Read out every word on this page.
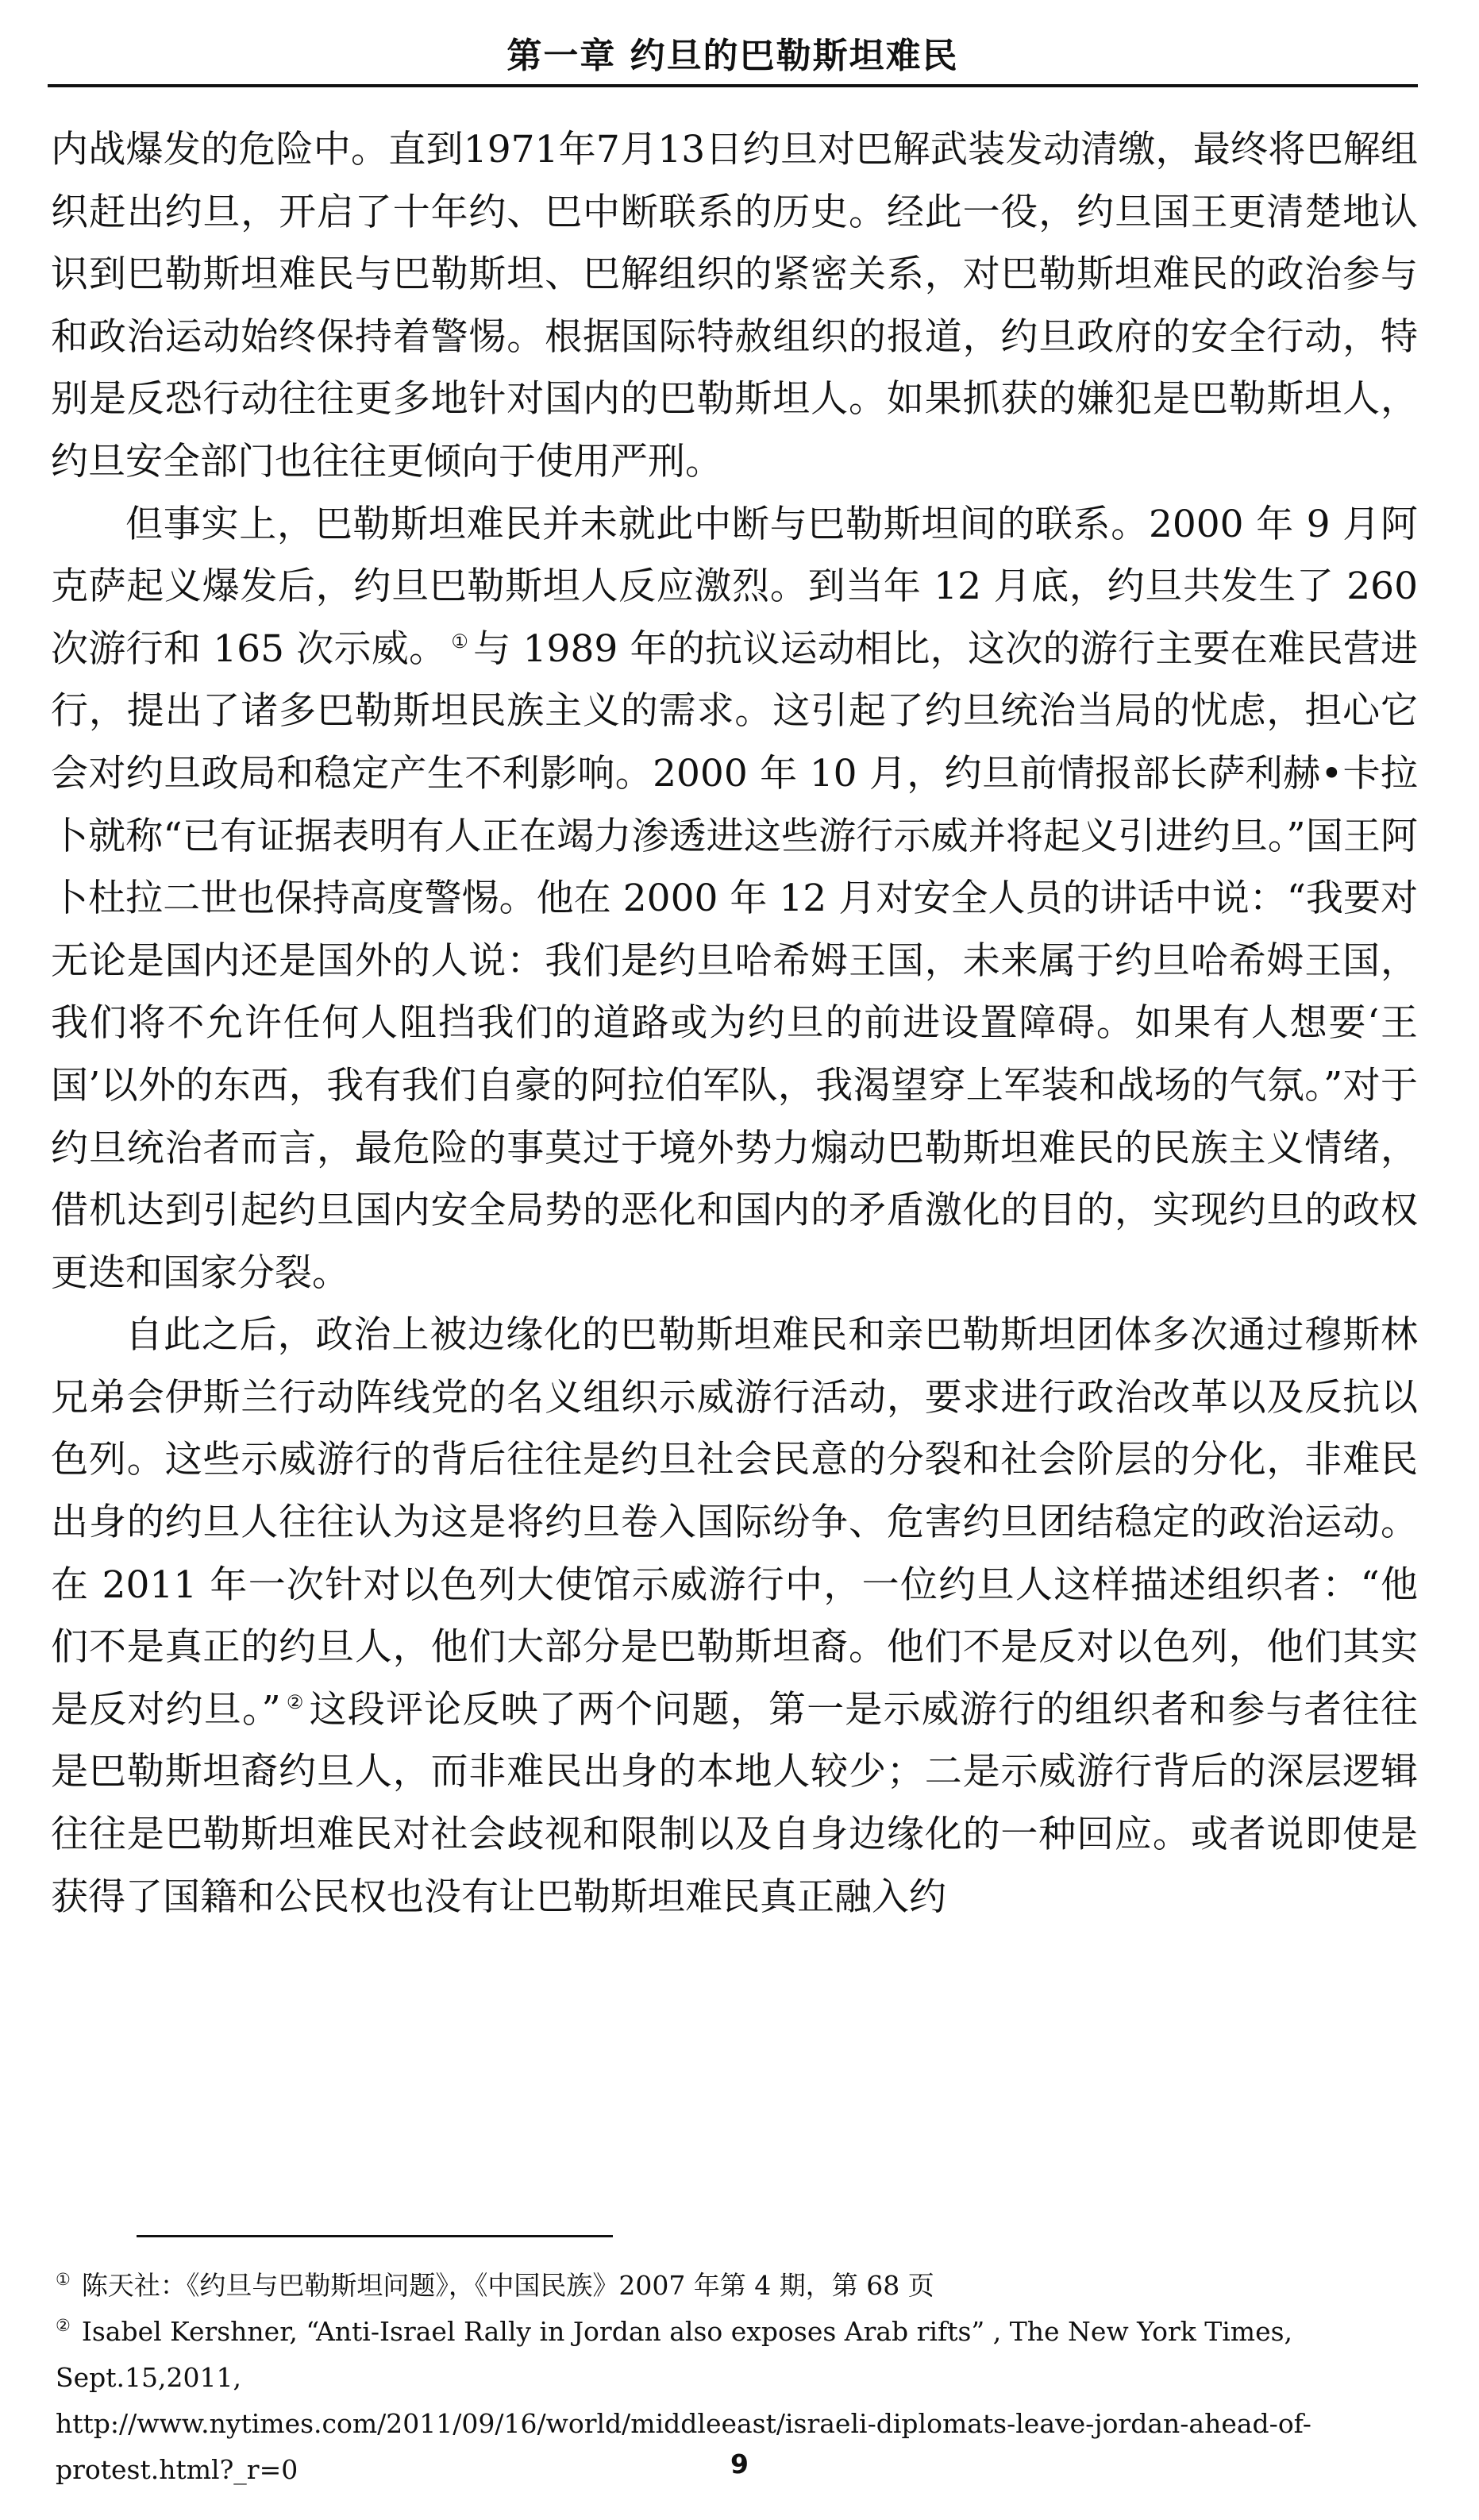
第一章 约旦的巴勒斯坦难民

内战爆发的危险中。直到1971年7月13日约旦对巴解武装发动清缴，最终将巴解组织赶出约旦，开启了十年约、巴中断联系的历史。经此一役，约旦国王更清楚地认识到巴勒斯坦难民与巴勒斯坦、巴解组织的紧密关系，对巴勒斯坦难民的政治参与和政治运动始终保持着警惕。根据国际特赦组织的报道，约旦政府的安全行动，特别是反恐行动往往更多地针对国内的巴勒斯坦人。如果抓获的嫌犯是巴勒斯坦人，约旦安全部门也往往更倾向于使用严刑。

但事实上，巴勒斯坦难民并未就此中断与巴勒斯坦间的联系。2000 年 9 月阿克萨起义爆发后，约旦巴勒斯坦人反应激烈。到当年 12 月底，约旦共发生了 260 次游行和 165 次示威。 ① 与 1989 年的抗议运动相比，这次的游行主要在难民营进行，提出了诸多巴勒斯坦民族主义的需求。这引起了约旦统治当局的忧虑，担心它会对约旦政局和稳定产生不利影响。2000 年 10 月，约旦前情报部长萨利赫•卡拉卜就称“已有证据表明有人正在竭力渗透进这些游行示威并将起义引进约旦。”国王阿卜杜拉二世也保持高度警惕。他在 2000 年 12 月对安全人员的讲话中说：“我要对无论是国内还是国外的人说：我们是约旦哈希姆王国，未来属于约旦哈希姆王国，我们将不允许任何人阻挡我们的道路或为约旦的前进设置障碍。如果有人想要‘王国’以外的东西，我有我们自豪的阿拉伯军队，我渴望穿上军装和战场的气氛。”对于约旦统治者而言，最危险的事莫过于境外势力煽动巴勒斯坦难民的民族主义情绪，借机达到引起约旦国内安全局势的恶化和国内的矛盾激化的目的，实现约旦的政权更迭和国家分裂。

自此之后，政治上被边缘化的巴勒斯坦难民和亲巴勒斯坦团体多次通过穆斯林兄弟会伊斯兰行动阵线党的名义组织示威游行活动，要求进行政治改革以及反抗以色列。这些示威游行的背后往往是约旦社会民意的分裂和社会阶层的分化，非难民出身的约旦人往往认为这是将约旦卷入国际纷争、危害约旦团结稳定的政治运动。在 2011 年一次针对以色列大使馆示威游行中，一位约旦人这样描述组织者：“他们不是真正的约旦人，他们大部分是巴勒斯坦裔。他们不是反对以色列，他们其实是反对约旦。” ② 这段评论反映了两个问题，第一是示威游行的组织者和参与者往往是巴勒斯坦裔约旦人，而非难民出身的本地人较少；二是示威游行背后的深层逻辑往往是巴勒斯坦难民对社会歧视和限制以及自身边缘化的一种回应。或者说即使是获得了国籍和公民权也没有让巴勒斯坦难民真正融入约

① 陈天社：《约旦与巴勒斯坦问题》，《中国民族》2007 年第 4 期，第 68 页

② Isabel Kershner, “Anti-Israel Rally in Jordan also exposes Arab rifts” , The New York Times, Sept.15,2011,

http://www.nytimes.com/2011/09/16/world/middleeast/israeli-diplomats-leave-jordan-ahead-of-protest.html?_r=0	9
